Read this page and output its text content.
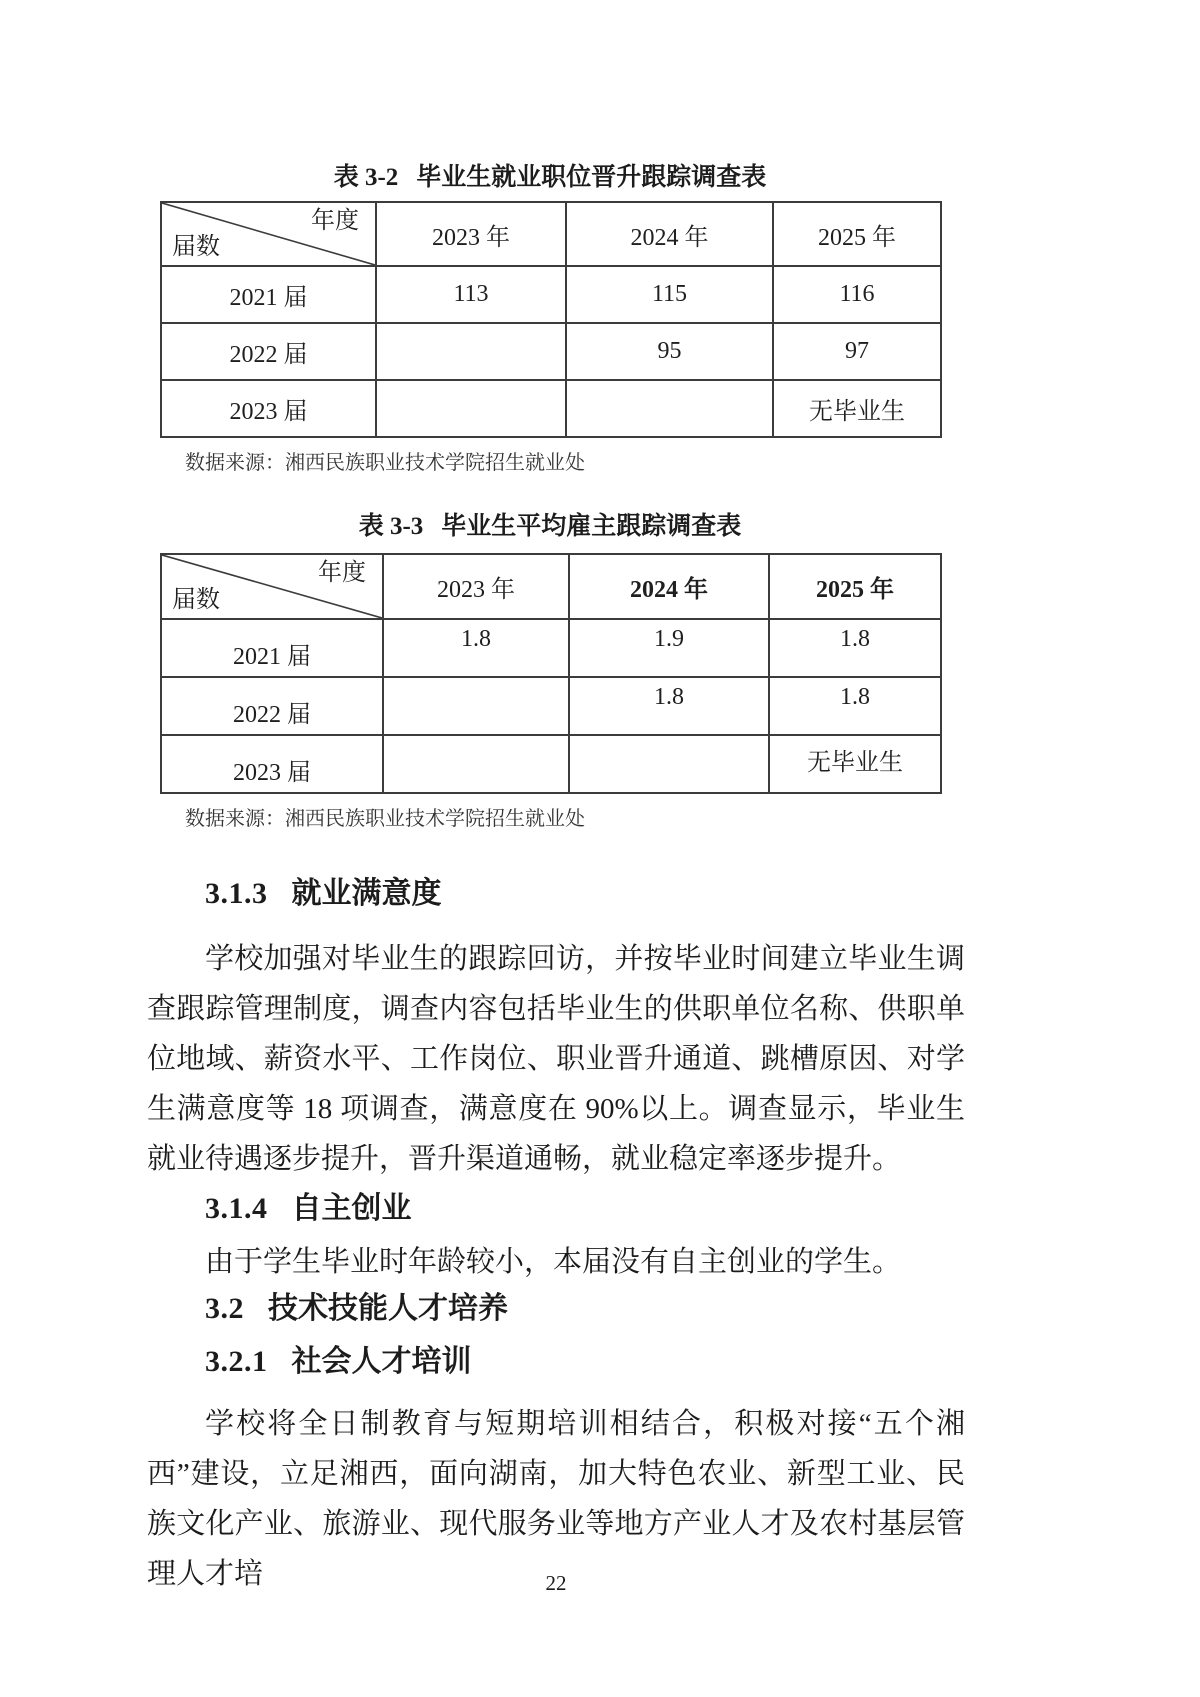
表 3-2 毕业生就业职位晋升跟踪调查表
年度
届数	2023 年	2024 年	2025 年
2021 届	113	115	116
2022 届		95	97
2023 届			无毕业生
数据来源：湘西民族职业技术学院招生就业处
表 3-3 毕业生平均雇主跟踪调查表
年度
届数	2023 年	2024 年	2025 年
2021 届	1.8	1.9	1.8
2022 届		1.8	1.8
2023 届			无毕业生
数据来源：湘西民族职业技术学院招生就业处
3.1.3 就业满意度

学校加强对毕业生的跟踪回访，并按毕业时间建立毕业生调查跟踪管理制度，调查内容包括毕业生的供职单位名称、供职单位地域、薪资水平、工作岗位、职业晋升通道、跳槽原因、对学生满意度等 18 项调查，满意度在 90%以上。调查显示，毕业生就业待遇逐步提升，晋升渠道通畅，就业稳定率逐步提升。

3.1.4 自主创业

由于学生毕业时年龄较小，本届没有自主创业的学生。

3.2 技术技能人才培养
3.2.1 社会人才培训

学校将全日制教育与短期培训相结合，积极对接“五个湘西”建设，立足湘西，面向湖南，加大特色农业、新型工业、民族文化产业、旅游业、现代服务业等地方产业人才及农村基层管理人才培	22
